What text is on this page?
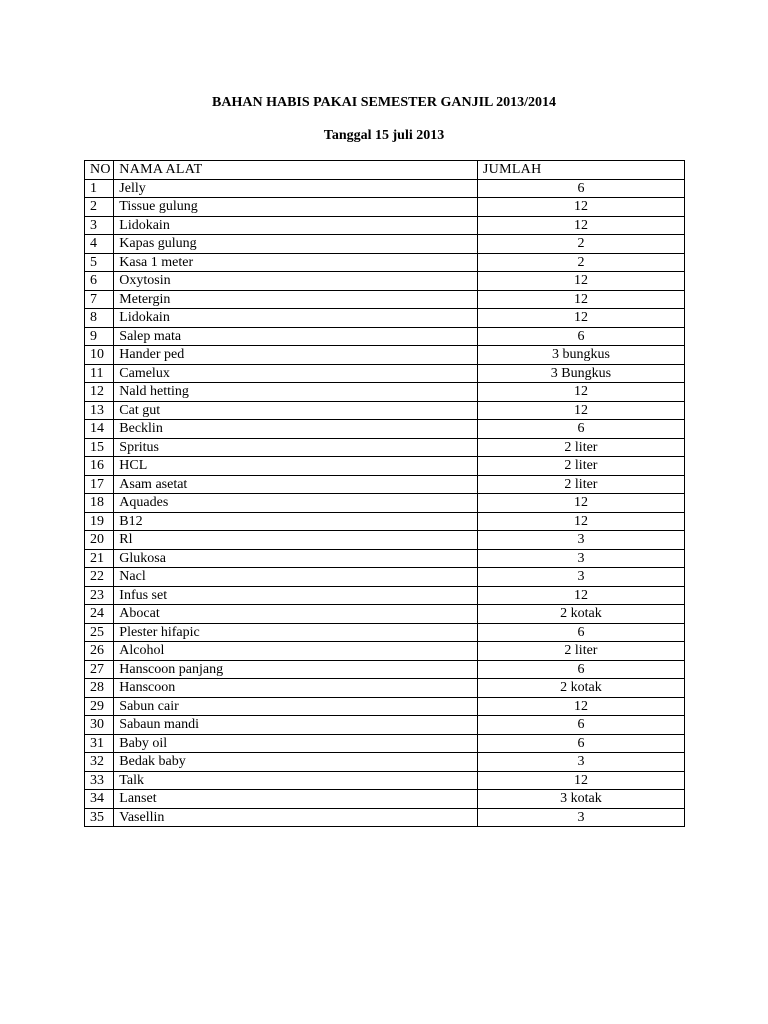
BAHAN HABIS PAKAI SEMESTER GANJIL 2013/2014
Tanggal 15 juli 2013
NO	NAMA ALAT	JUMLAH
1	Jelly	6
2	Tissue gulung	12
3	Lidokain	12
4	Kapas gulung	2
5	Kasa 1 meter	2
6	Oxytosin	12
7	Metergin	12
8	Lidokain	12
9	Salep mata	6
10	Hander ped	3 bungkus
11	Camelux	3 Bungkus
12	Nald hetting	12
13	Cat gut	12
14	Becklin	6
15	Spritus	2 liter
16	HCL	2 liter
17	Asam asetat	2 liter
18	Aquades	12
19	B12	12
20	Rl	3
21	Glukosa	3
22	Nacl	3
23	Infus set	12
24	Abocat	2 kotak
25	Plester hifapic	6
26	Alcohol	2 liter
27	Hanscoon panjang	6
28	Hanscoon	2 kotak
29	Sabun cair	12
30	Sabaun mandi	6
31	Baby oil	6
32	Bedak baby	3
33	Talk	12
34	Lanset	3 kotak
35	Vasellin	3
